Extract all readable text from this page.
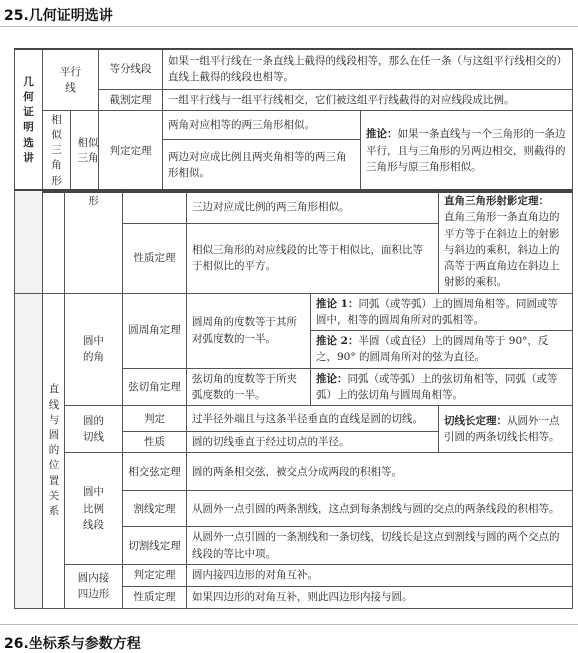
25.几何证明选讲
几何证明选讲	平行线		等分线段	如果一组平行线在一条直线上截得的线段相等，那么在任一条（与这组平行线相交的）直线上截得的线段也相等。	
			截割定理	一组平行线与一组平行线相交，它们被这组平行线截得的对应线段成比例。	
	相似三角形	相似三角	判定定理	两角对应相等的两三角形相似。	推论：如果一条直线与一个三角形的一条边平行，且与三角形的另两边相交，则截得的三角形与原三角形相似。
				两边对应成比例且两夹角相等的两三角形相似。	
		形		三边对应成比例的两三角形相似。		直角三角形射影定理：
直角三角形一条直角边的平方等于在斜边上的射影与斜边的乘积，斜边上的高等于两直角边在斜边上射影的乘积。

			性质定理	相似三角形的对应线段的比等于相似比，面积比等于相似比的平方。		
	直线与圆的位置关系	圆中的角	圆周角定理	圆周角的度数等于其所对弧度数的一半。	推论 1：同弧（或等弧）上的圆周角相等。同圆或等圆中，相等的圆周角所对的弧相等。	
					推论 2：半圆（或直径）上的圆周角等于 90°，反之，90° 的圆周角所对的弦为直径。	
			弦切角定理	弦切角的度数等于所夹弧度数的一半。	推论：同弧（或等弧）上的弦切角相等，同弧（或等弧）上的弦切角与圆周角相等。	
		圆的切线	判定	过半径外端且与这条半径垂直的直线是圆的切线。		切线长定理：从圆外一点引圆的两条切线长相等。
			性质	圆的切线垂直于经过切点的半径。		
		圆中比例线段	相交弦定理	圆的两条相交弦，被交点分成两段的积相等。		
			割线定理	从圆外一点引圆的两条割线，这点到每条割线与圆的交点的两条线段的积相等。		
			切割线定理	从圆外一点引圆的一条割线和一条切线，切线长是这点到割线与圆的两个交点的线段的等比中项。		
		圆内接四边形	判定定理	圆内接四边形的对角互补。		
			性质定理	如果四边形的对角互补，则此四边形内接与圆。		
26.坐标系与参数方程
